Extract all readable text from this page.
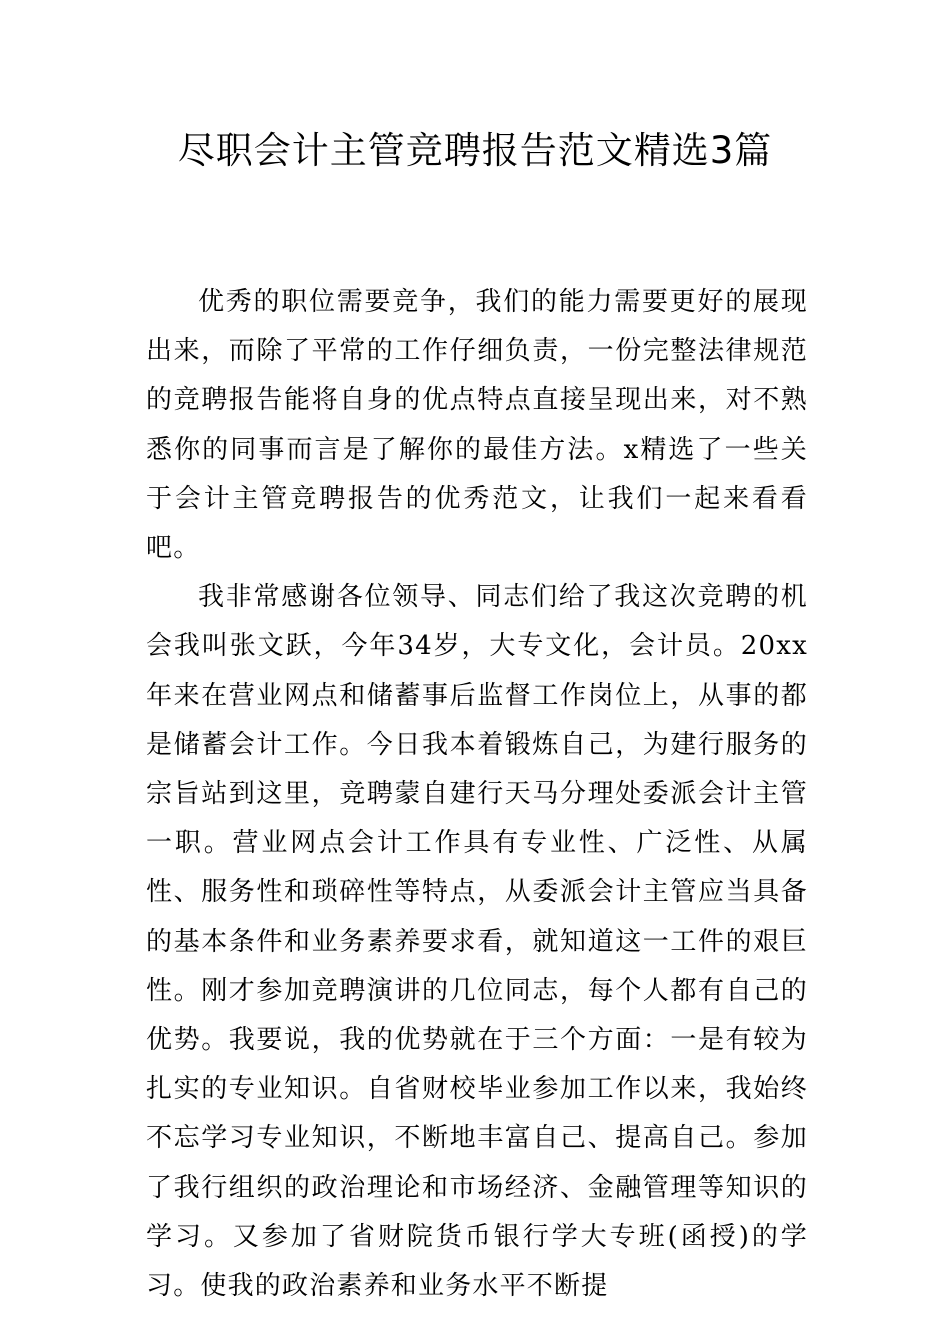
尽职会计主管竞聘报告范文精选3篇

优秀的职位需要竞争，我们的能力需要更好的展现出来，而除了平常的工作仔细负责，一份完整法律规范的竞聘报告能将自身的优点特点直接呈现出来，对不熟悉你的同事而言是了解你的最佳方法。x精选了一些关于会计主管竞聘报告的优秀范文，让我们一起来看看吧。

我非常感谢各位领导、同志们给了我这次竞聘的机会我叫张文跃，今年34岁，大专文化，会计员。20xx年来在营业网点和储蓄事后监督工作岗位上，从事的都是储蓄会计工作。今日我本着锻炼自己，为建行服务的宗旨站到这里，竞聘蒙自建行天马分理处委派会计主管一职。营业网点会计工作具有专业性、广泛性、从属性、服务性和琐碎性等特点，从委派会计主管应当具备的基本条件和业务素养要求看，就知道这一工件的艰巨性。刚才参加竞聘演讲的几位同志，每个人都有自己的优势。我要说，我的优势就在于三个方面：一是有较为扎实的专业知识。自省财校毕业参加工作以来，我始终不忘学习专业知识，不断地丰富自己、提高自己。参加了我行组织的政治理论和市场经济、金融管理等知识的学习。又参加了省财院货币银行学大专班(函授)的学习。使我的政治素养和业务水平不断提
